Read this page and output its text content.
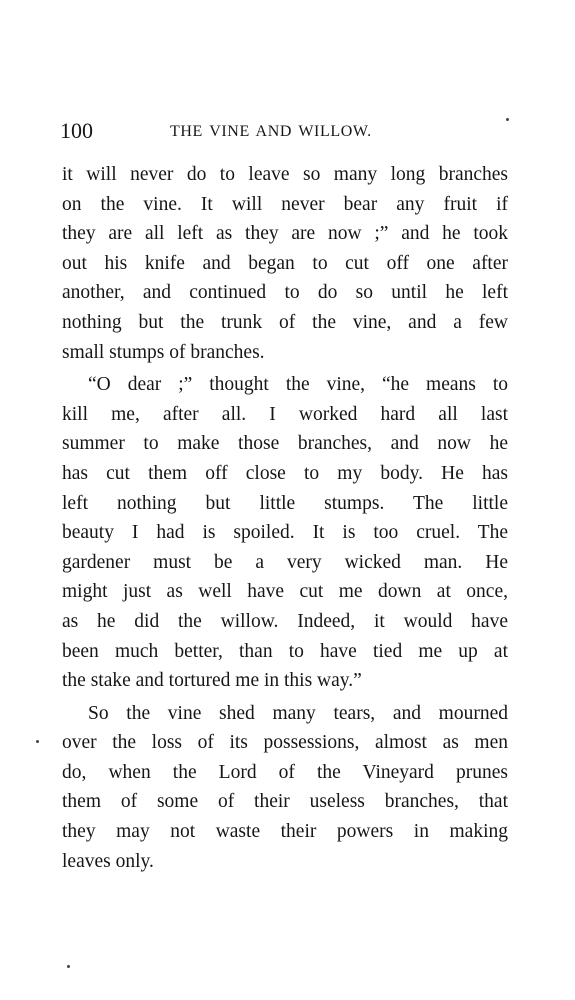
100	THE VINE AND WILLOW.
it will never do to leave so many long branches
on the vine. It will never bear any fruit if
they are all left as they are now ;” and he took
out his knife and began to cut off one after
another, and continued to do so until he left
nothing but the trunk of the vine, and a few
small stumps of branches.
“O dear ;” thought the vine, “he means to
kill me, after all. I worked hard all last
summer to make those branches, and now he
has cut them off close to my body. He has
left nothing but little stumps. The little
beauty I had is spoiled. It is too cruel. The
gardener must be a very wicked man. He
might just as well have cut me down at once,
as he did the willow. Indeed, it would have
been much better, than to have tied me up at
the stake and tortured me in this way.”
So the vine shed many tears, and mourned
over the loss of its possessions, almost as men
do, when the Lord of the Vineyard prunes
them of some of their useless branches, that
they may not waste their powers in making
leaves only.
